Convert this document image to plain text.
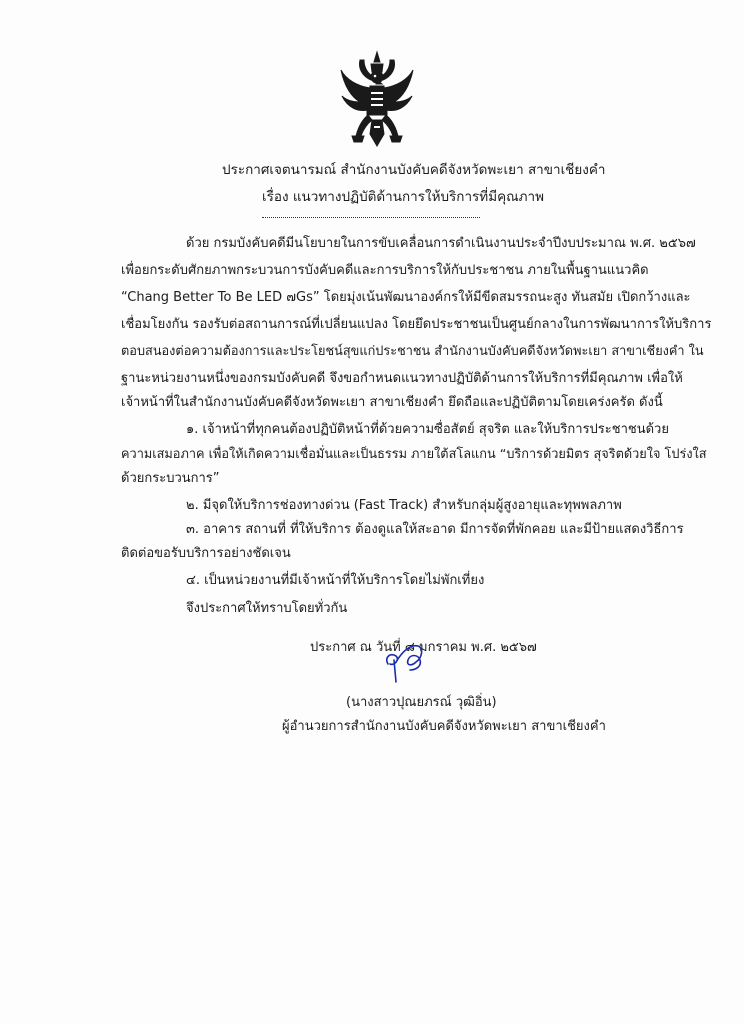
ประกาศเจตนารมณ์ สำนักงานบังคับคดีจังหวัดพะเยา สาขาเชียงคำ
เรื่อง แนวทางปฏิบัติด้านการให้บริการที่มีคุณภาพ
ด้วย กรมบังคับคดีมีนโยบายในการขับเคลื่อนการดำเนินงานประจำปีงบประมาณ พ.ศ. ๒๕๖๗
เพื่อยกระดับศักยภาพกระบวนการบังคับคดีและการบริการให้กับประชาชน ภายในพื้นฐานแนวคิด
“Chang Better To Be LED ๗Gs” โดยมุ่งเน้นพัฒนาองค์กรให้มีขีดสมรรถนะสูง ทันสมัย เปิดกว้างและ
เชื่อมโยงกัน รองรับต่อสถานการณ์ที่เปลี่ยนแปลง โดยยึดประชาชนเป็นศูนย์กลางในการพัฒนาการให้บริการ
ตอบสนองต่อความต้องการและประโยชน์สุขแก่ประชาชน สำนักงานบังคับคดีจังหวัดพะเยา สาขาเชียงคำ ใน
ฐานะหน่วยงานหนึ่งของกรมบังคับคดี จึงขอกำหนดแนวทางปฏิบัติด้านการให้บริการที่มีคุณภาพ เพื่อให้
เจ้าหน้าที่ในสำนักงานบังคับคดีจังหวัดพะเยา สาขาเชียงคำ ยึดถือและปฏิบัติตามโดยเคร่งครัด ดังนี้
๑. เจ้าหน้าที่ทุกคนต้องปฏิบัติหน้าที่ด้วยความซื่อสัตย์ สุจริต และให้บริการประชาชนด้วย
ความเสมอภาค เพื่อให้เกิดความเชื่อมั่นและเป็นธรรม ภายใต้สโลแกน “บริการด้วยมิตร สุจริตด้วยใจ โปร่งใส
ด้วยกระบวนการ”
๒. มีจุดให้บริการช่องทางด่วน (Fast Track) สำหรับกลุ่มผู้สูงอายุและทุพพลภาพ
๓. อาคาร สถานที่ ที่ให้บริการ ต้องดูแลให้สะอาด มีการจัดที่พักคอย และมีป้ายแสดงวิธีการ
ติดต่อขอรับบริการอย่างชัดเจน
๔. เป็นหน่วยงานที่มีเจ้าหน้าที่ให้บริการโดยไม่พักเที่ยง
จึงประกาศให้ทราบโดยทั่วกัน
ประกาศ ณ วันที่ ๘ มกราคม พ.ศ. ๒๕๖๗
(นางสาวปุณยภรณ์ วุฒิอิ่น)
ผู้อำนวยการสำนักงานบังคับคดีจังหวัดพะเยา สาขาเชียงคำ
